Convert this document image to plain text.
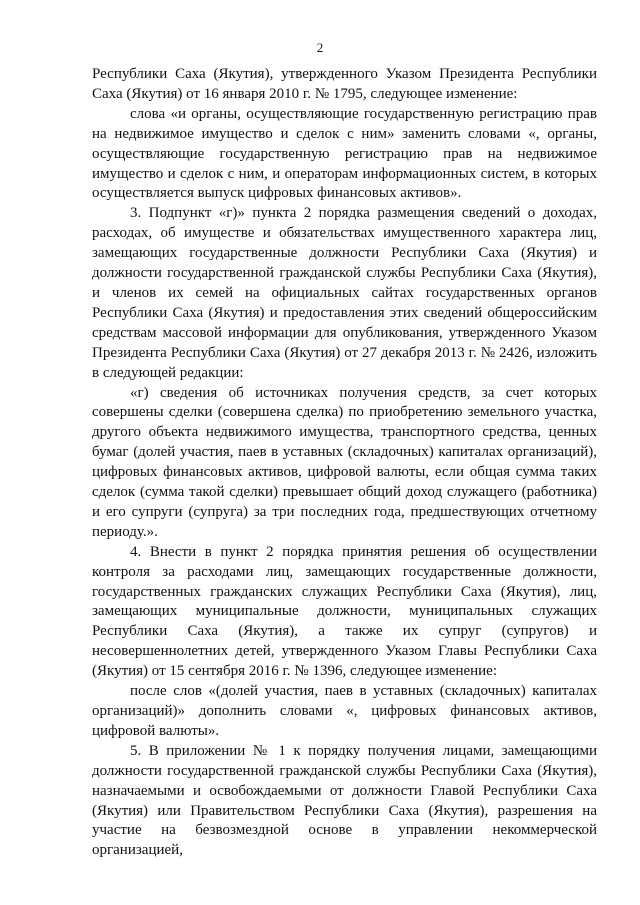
2

Республики Саха (Якутия), утвержденного Указом Президента Республики Саха (Якутия) от 16 января 2010 г. № 1795, следующее изменение:

слова «и органы, осуществляющие государственную регистрацию прав на недвижимое имущество и сделок с ним» заменить словами «, органы, осуществляющие государственную регистрацию прав на недвижимое имущество и сделок с ним, и операторам информационных систем, в которых осуществляется выпуск цифровых финансовых активов».

3. Подпункт «г)» пункта 2 порядка размещения сведений о доходах, расходах, об имуществе и обязательствах имущественного характера лиц, замещающих государственные должности Республики Саха (Якутия) и должности государственной гражданской службы Республики Саха (Якутия), и членов их семей на официальных сайтах государственных органов Республики Саха (Якутия) и предоставления этих сведений общероссийским средствам массовой информации для опубликования, утвержденного Указом Президента Республики Саха (Якутия) от 27 декабря 2013 г. № 2426, изложить в следующей редакции:

«г) сведения об источниках получения средств, за счет которых совершены сделки (совершена сделка) по приобретению земельного участка, другого объекта недвижимого имущества, транспортного средства, ценных бумаг (долей участия, паев в уставных (складочных) капиталах организаций), цифровых финансовых активов, цифровой валюты, если общая сумма таких сделок (сумма такой сделки) превышает общий доход служащего (работника) и его супруги (супруга) за три последних года, предшествующих отчетному периоду.».

4. Внести в пункт 2 порядка принятия решения об осуществлении контроля за расходами лиц, замещающих государственные должности, государственных гражданских служащих Республики Саха (Якутия), лиц, замещающих муниципальные должности, муниципальных служащих Республики Саха (Якутия), а также их супруг (супругов) и несовершеннолетних детей, утвержденного Указом Главы Республики Саха (Якутия) от 15 сентября 2016 г. № 1396, следующее изменение:

после слов «(долей участия, паев в уставных (складочных) капиталах организаций)» дополнить словами «, цифровых финансовых активов, цифровой валюты».

5. В приложении № 1 к порядку получения лицами, замещающими должности государственной гражданской службы Республики Саха (Якутия), назначаемыми и освобождаемыми от должности Главой Республики Саха (Якутия) или Правительством Республики Саха (Якутия), разрешения на участие на безвозмездной основе в управлении некоммерческой организацией,
